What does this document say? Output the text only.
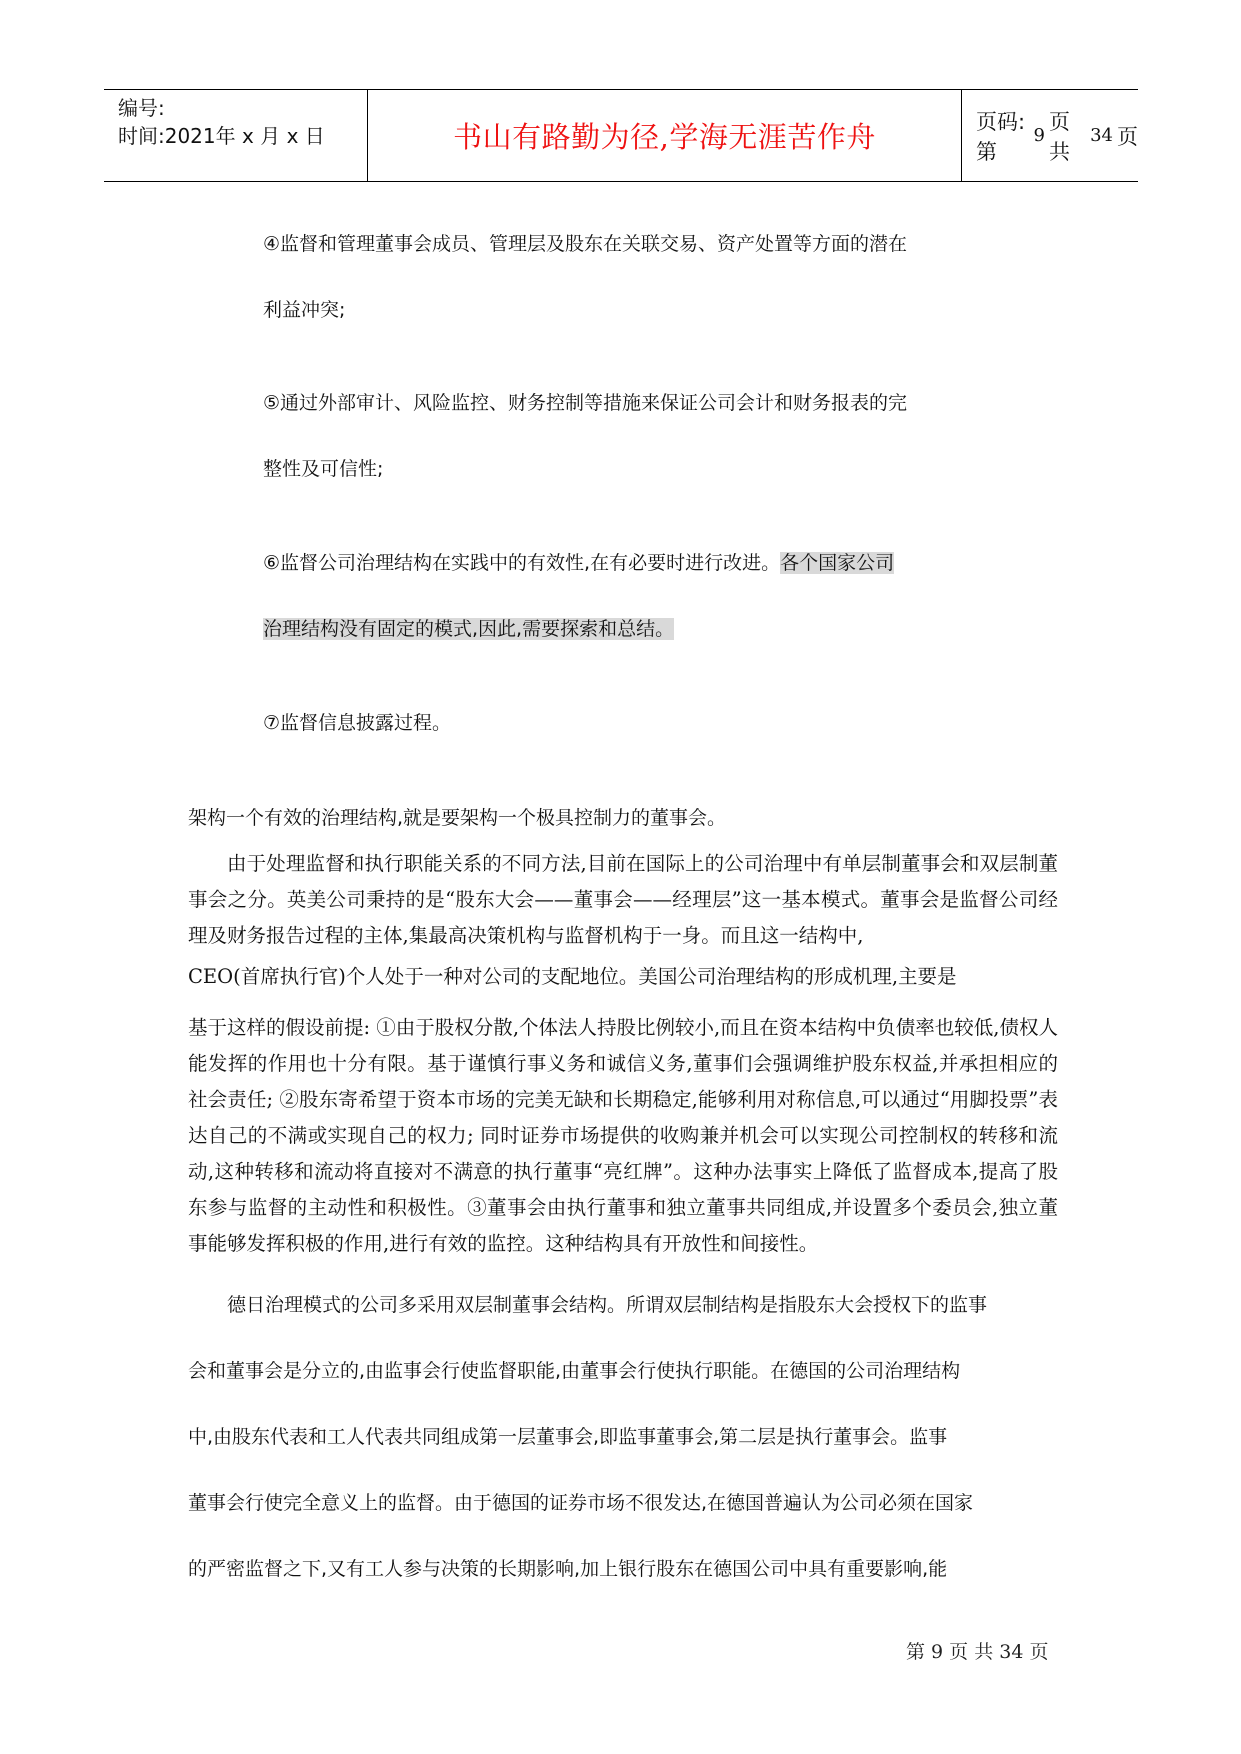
编号:
时间:2021年 x 月 x 日	书山有路勤为径,学海无涯苦作舟	页码:第
9
页 共
34 页
④监督和管理董事会成员、管理层及股东在关联交易、资产处置等方面的潜在
利益冲突;
⑤通过外部审计、风险监控、财务控制等措施来保证公司会计和财务报表的完
整性及可信性;
⑥监督公司治理结构在实践中的有效性,在有必要时进行改进。各个国家公司
治理结构没有固定的模式,因此,需要探索和总结。
⑦监督信息披露过程。
架构一个有效的治理结构,就是要架构一个极具控制力的董事会。
由于处理监督和执行职能关系的不同方法,目前在国际上的公司治理中有单层制董事会和双层制董事会之分。英美公司秉持的是“股东大会——董事会——经理层”这一基本模式。董事会是监督公司经理及财务报告过程的主体,集最高决策机构与监督机构于一身。而且这一结构中,
CEO(首席执行官)个人处于一种对公司的支配地位。美国公司治理结构的形成机理,主要是
基于这样的假设前提: ①由于股权分散,个体法人持股比例较小,而且在资本结构中负债率也较低,债权人能发挥的作用也十分有限。基于谨慎行事义务和诚信义务,董事们会强调维护股东权益,并承担相应的社会责任; ②股东寄希望于资本市场的完美无缺和长期稳定,能够利用对称信息,可以通过“用脚投票”表达自己的不满或实现自己的权力; 同时证券市场提供的收购兼并机会可以实现公司控制权的转移和流动,这种转移和流动将直接对不满意的执行董事“亮红牌”。这种办法事实上降低了监督成本,提高了股东参与监督的主动性和积极性。③董事会由执行董事和独立董事共同组成,并设置多个委员会,独立董事能够发挥积极的作用,进行有效的监控。这种结构具有开放性和间接性。
德日治理模式的公司多采用双层制董事会结构。所谓双层制结构是指股东大会授权下的监事
会和董事会是分立的,由监事会行使监督职能,由董事会行使执行职能。在德国的公司治理结构
中,由股东代表和工人代表共同组成第一层董事会,即监事董事会,第二层是执行董事会。监事
董事会行使完全意义上的监督。由于德国的证券市场不很发达,在德国普遍认为公司必须在国家
的严密监督之下,又有工人参与决策的长期影响,加上银行股东在德国公司中具有重要影响,能
第 9 页 共 34 页
